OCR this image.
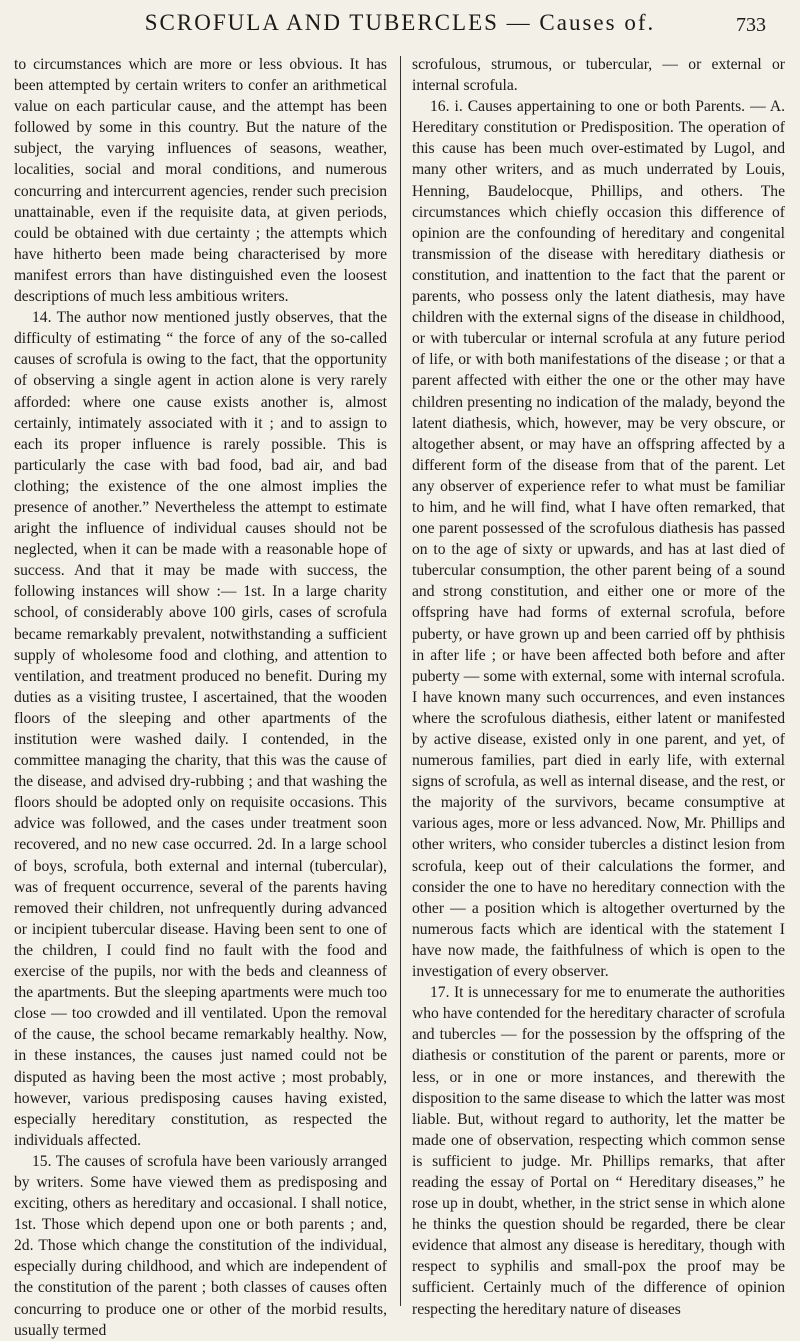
SCROFULA AND TUBERCLES — Causes of.	733

to circumstances which are more or less obvious. It has been attempted by certain writers to confer an arithmetical value on each particular cause, and the attempt has been followed by some in this country. But the nature of the subject, the varying influences of seasons, weather, localities, social and moral conditions, and numerous concurring and intercurrent agencies, render such precision unattainable, even if the requisite data, at given periods, could be obtained with due certainty ; the attempts which have hitherto been made being characterised by more manifest errors than have distinguished even the loosest descriptions of much less ambitious writers.

14. The author now mentioned justly observes, that the difficulty of estimating “ the force of any of the so-called causes of scrofula is owing to the fact, that the opportunity of observing a single agent in action alone is very rarely afforded: where one cause exists another is, almost certainly, intimately associated with it ; and to assign to each its proper influence is rarely possible. This is particularly the case with bad food, bad air, and bad clothing; the existence of the one almost implies the presence of another.” Nevertheless the attempt to estimate aright the influence of individual causes should not be neglected, when it can be made with a reasonable hope of success. And that it may be made with success, the following instances will show :— 1st. In a large charity school, of considerably above 100 girls, cases of scrofula became remarkably prevalent, notwithstanding a sufficient supply of wholesome food and clothing, and attention to ventilation, and treatment produced no benefit. During my duties as a visiting trustee, I ascertained, that the wooden floors of the sleeping and other apartments of the institution were washed daily. I contended, in the committee managing the charity, that this was the cause of the disease, and advised dry-rubbing ; and that washing the floors should be adopted only on requisite occasions. This advice was followed, and the cases under treatment soon recovered, and no new case occurred. 2d. In a large school of boys, scrofula, both external and internal (tubercular), was of frequent occurrence, several of the parents having removed their children, not unfrequently during advanced or incipient tubercular disease. Having been sent to one of the children, I could find no fault with the food and exercise of the pupils, nor with the beds and cleanness of the apartments. But the sleeping apartments were much too close — too crowded and ill ventilated. Upon the removal of the cause, the school became remarkably healthy. Now, in these instances, the causes just named could not be disputed as having been the most active ; most probably, however, various predisposing causes having existed, especially hereditary constitution, as respected the individuals affected.

15. The causes of scrofula have been variously arranged by writers. Some have viewed them as predisposing and exciting, others as hereditary and occasional. I shall notice, 1st. Those which depend upon one or both parents ; and, 2d. Those which change the constitution of the individual, especially during childhood, and which are independent of the constitution of the parent ; both classes of causes often concurring to produce one or other of the morbid results, usually termed

scrofulous, strumous, or tubercular, — or external or internal scrofula.

16. i. Causes appertaining to one or both Parents. — A. Hereditary constitution or Predisposition. The operation of this cause has been much over-estimated by Lugol, and many other writers, and as much underrated by Louis, Henning, Baudelocque, Phillips, and others. The circumstances which chiefly occasion this difference of opinion are the confounding of hereditary and congenital transmission of the disease with hereditary diathesis or constitution, and inattention to the fact that the parent or parents, who possess only the latent diathesis, may have children with the external signs of the disease in childhood, or with tubercular or internal scrofula at any future period of life, or with both manifestations of the disease ; or that a parent affected with either the one or the other may have children presenting no indication of the malady, beyond the latent diathesis, which, however, may be very obscure, or altogether absent, or may have an offspring affected by a different form of the disease from that of the parent. Let any observer of experience refer to what must be familiar to him, and he will find, what I have often remarked, that one parent possessed of the scrofulous diathesis has passed on to the age of sixty or upwards, and has at last died of tubercular consumption, the other parent being of a sound and strong constitution, and either one or more of the offspring have had forms of external scrofula, before puberty, or have grown up and been carried off by phthisis in after life ; or have been affected both before and after puberty — some with external, some with internal scrofula. I have known many such occurrences, and even instances where the scrofulous diathesis, either latent or manifested by active disease, existed only in one parent, and yet, of numerous families, part died in early life, with external signs of scrofula, as well as internal disease, and the rest, or the majority of the survivors, became consumptive at various ages, more or less advanced. Now, Mr. Phillips and other writers, who consider tubercles a distinct lesion from scrofula, keep out of their calculations the former, and consider the one to have no hereditary connection with the other — a position which is altogether overturned by the numerous facts which are identical with the statement I have now made, the faithfulness of which is open to the investigation of every observer.

17. It is unnecessary for me to enumerate the authorities who have contended for the hereditary character of scrofula and tubercles — for the possession by the offspring of the diathesis or constitution of the parent or parents, more or less, or in one or more instances, and therewith the disposition to the same disease to which the latter was most liable. But, without regard to authority, let the matter be made one of observation, respecting which common sense is sufficient to judge. Mr. Phillips remarks, that after reading the essay of Portal on “ Hereditary diseases,” he rose up in doubt, whether, in the strict sense in which alone he thinks the question should be regarded, there be clear evidence that almost any disease is hereditary, though with respect to syphilis and small-pox the proof may be sufficient. Certainly much of the difference of opinion respecting the hereditary nature of diseases
